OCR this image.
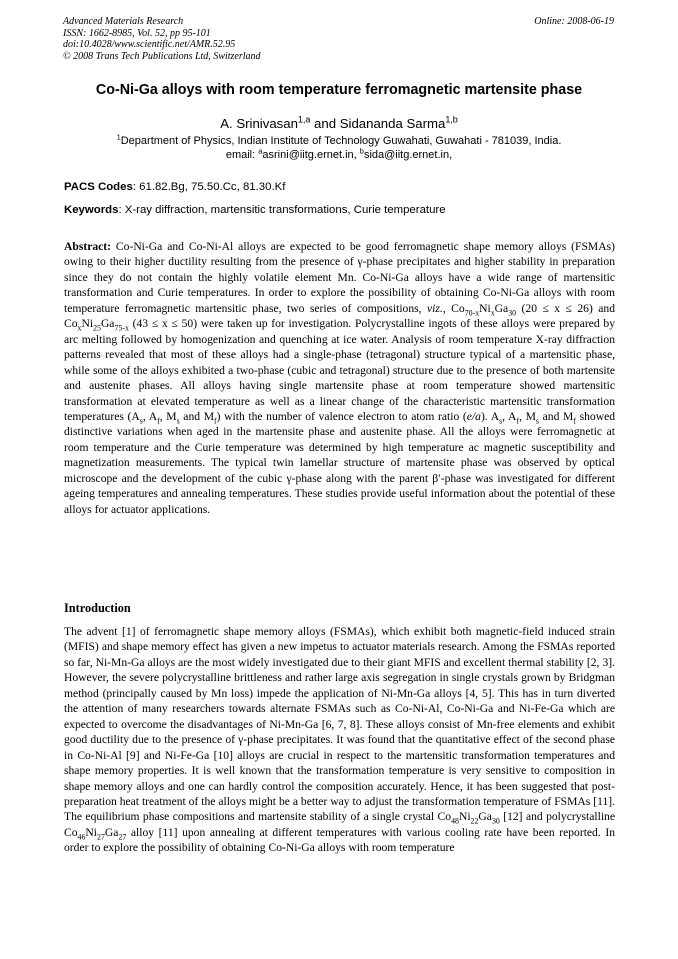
Advanced Materials Research
ISSN: 1662-8985, Vol. 52, pp 95-101
doi:10.4028/www.scientific.net/AMR.52.95
© 2008 Trans Tech Publications Ltd, Switzerland
Online: 2008-06-19
Co-Ni-Ga alloys with room temperature ferromagnetic martensite phase
A. Srinivasan$^{1,a}$ and Sidananda Sarma$^{1,b}$
$^1$Department of Physics, Indian Institute of Technology Guwahati, Guwahati - 781039, India.
email: $^a$asrini@iitg.ernet.in, $^b$sida@iitg.ernet.in,
PACS Codes: 61.82.Bg, 75.50.Cc, 81.30.Kf
Keywords: X-ray diffraction, martensitic transformations, Curie temperature

Abstract: Co-Ni-Ga and Co-Ni-Al alloys are expected to be good ferromagnetic shape memory alloys (FSMAs) owing to their higher ductility resulting from the presence of γ-phase precipitates and higher stability in preparation since they do not contain the highly volatile element Mn. Co-Ni-Ga alloys have a wide range of martensitic transformation and Curie temperatures. In order to explore the possibility of obtaining Co-Ni-Ga alloys with room temperature ferromagnetic martensitic phase, two series of compositions, viz., $Co_{70-x}Ni_xGa_{30}$ (20 ≤ x ≤ 26) and $Co_xNi_{25}Ga_{75-x}$ (43 ≤ x ≤ 50) were taken up for investigation. Polycrystalline ingots of these alloys were prepared by arc melting followed by homogenization and quenching at ice water. Analysis of room temperature X-ray diffraction patterns revealed that most of these alloys had a single-phase (tetragonal) structure typical of a martensitic phase, while some of the alloys exhibited a two-phase (cubic and tetragonal) structure due to the presence of both martensite and austenite phases. All alloys having single martensite phase at room temperature showed martensitic transformation at elevated temperature as well as a linear change of the characteristic martensitic transformation temperatures ($A_s$, $A_f$, $M_s$ and $M_f$) with the number of valence electron to atom ratio (e/a). $A_s$, $A_f$, $M_s$ and $M_f$ showed distinctive variations when aged in the martensite phase and austenite phase. All the alloys were ferromagnetic at room temperature and the Curie temperature was determined by high temperature ac magnetic susceptibility and magnetization measurements. The typical twin lamellar structure of martensite phase was observed by optical microscope and the development of the cubic γ-phase along with the parent β′-phase was investigated for different ageing temperatures and annealing temperatures. These studies provide useful information about the potential of these alloys for actuator applications.

Introduction

The advent [1] of ferromagnetic shape memory alloys (FSMAs), which exhibit both magnetic-field induced strain (MFIS) and shape memory effect has given a new impetus to actuator materials research. Among the FSMAs reported so far, Ni-Mn-Ga alloys are the most widely investigated due to their giant MFIS and excellent thermal stability [2, 3]. However, the severe polycrystalline brittleness and rather large axis segregation in single crystals grown by Bridgman method (principally caused by Mn loss) impede the application of Ni-Mn-Ga alloys [4, 5]. This has in turn diverted the attention of many researchers towards alternate FSMAs such as Co-Ni-Al, Co-Ni-Ga and Ni-Fe-Ga which are expected to overcome the disadvantages of Ni-Mn-Ga [6, 7, 8]. These alloys consist of Mn-free elements and exhibit good ductility due to the presence of γ-phase precipitates. It was found that the quantitative effect of the second phase in Co-Ni-Al [9] and Ni-Fe-Ga [10] alloys are crucial in respect to the martensitic transformation temperatures and shape memory properties. It is well known that the transformation temperature is very sensitive to composition in shape memory alloys and one can hardly control the composition accurately. Hence, it has been suggested that post-preparation heat treatment of the alloys might be a better way to adjust the transformation temperature of FSMAs [11]. The equilibrium phase compositions and martensite stability of a single crystal $Co_{48}Ni_{22}Ga_{30}$ [12] and polycrystalline $Co_{46}Ni_{27}Ga_{27}$ alloy [11] upon annealing at different temperatures with various cooling rate have been reported. In order to explore the possibility of obtaining Co-Ni-Ga alloys with room temperature
